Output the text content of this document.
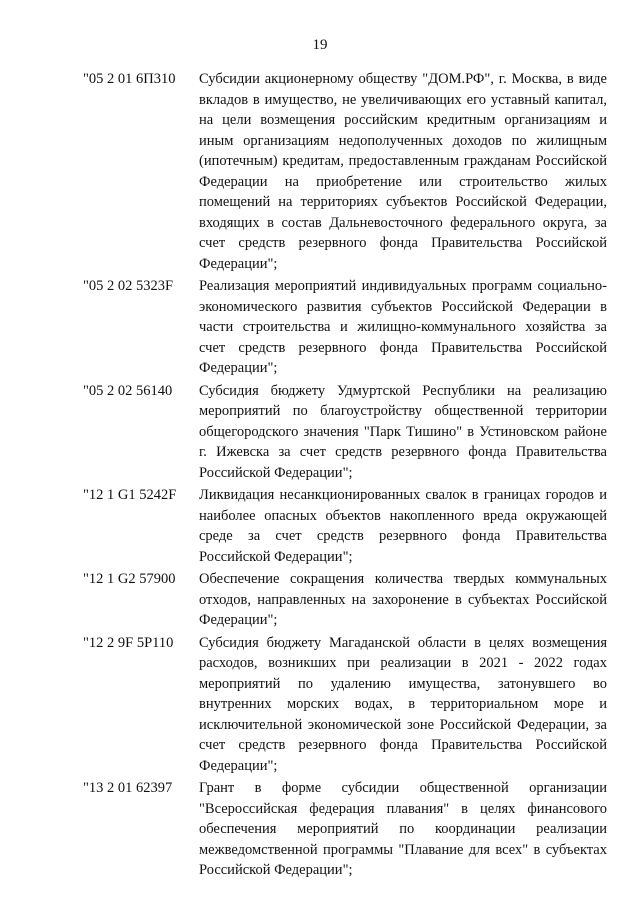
19
"05 2 01 6П310	Субсидии акционерному обществу "ДОМ.РФ", г. Москва, в виде вкладов в имущество, не увеличивающих его уставный капитал, на цели возмещения российским кредитным организациям и иным организациям недополученных доходов по жилищным (ипотечным) кредитам, предоставленным гражданам Российской Федерации на приобретение или строительство жилых помещений на территориях субъектов Российской Федерации, входящих в состав Дальневосточного федерального округа, за счет средств резервного фонда Правительства Российской Федерации";
"05 2 02 5323F	Реализация мероприятий индивидуальных программ социально-экономического развития субъектов Российской Федерации в части строительства и жилищно-коммунального хозяйства за счет средств резервного фонда Правительства Российской Федерации";
"05 2 02 56140	Субсидия бюджету Удмуртской Республики на реализацию мероприятий по благоустройству общественной территории общегородского значения "Парк Тишино" в Устиновском районе г. Ижевска за счет средств резервного фонда Правительства Российской Федерации";
"12 1 G1 5242F	Ликвидация несанкционированных свалок в границах городов и наиболее опасных объектов накопленного вреда окружающей среде за счет средств резервного фонда Правительства Российской Федерации";
"12 1 G2 57900	Обеспечение сокращения количества твердых коммунальных отходов, направленных на захоронение в субъектах Российской Федерации";
"12 2 9F 5P110	Субсидия бюджету Магаданской области в целях возмещения расходов, возникших при реализации в 2021 - 2022 годах мероприятий по удалению имущества, затонувшего во внутренних морских водах, в территориальном море и исключительной экономической зоне Российской Федерации, за счет средств резервного фонда Правительства Российской Федерации";
"13 2 01 62397	Грант в форме субсидии общественной организации "Всероссийская федерация плавания" в целях финансового обеспечения мероприятий по координации реализации межведомственной программы "Плавание для всех" в субъектах Российской Федерации";
